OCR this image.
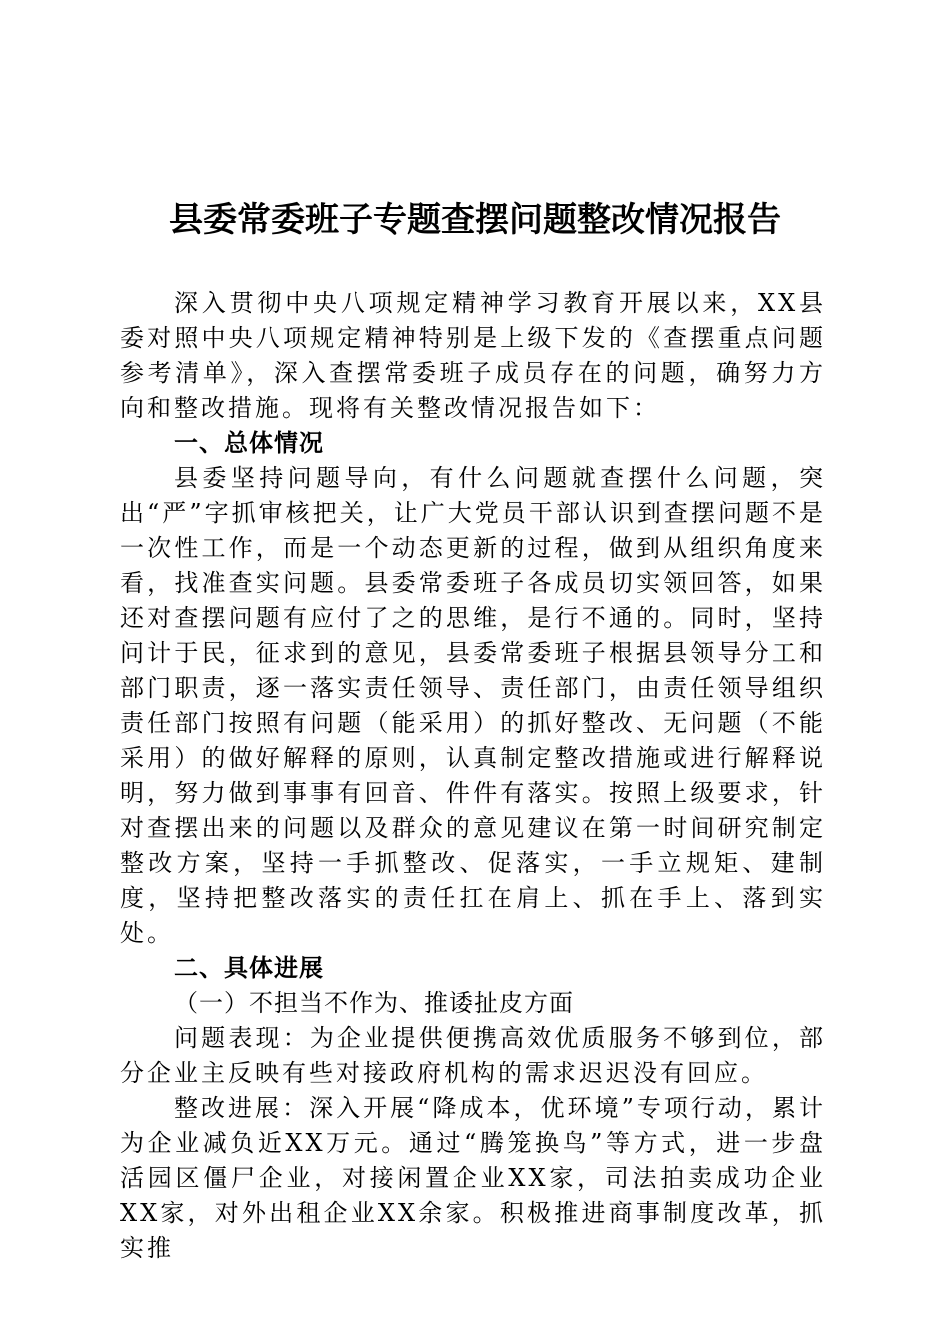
县委常委班子专题查摆问题整改情况报告

深入贯彻中央八项规定精神学习教育开展以来，XX县委对照中央八项规定精神特别是上级下发的《查摆重点问题参考清单》，深入查摆常委班子成员存在的问题，确努力方向和整改措施。现将有关整改情况报告如下：

一、总体情况

县委坚持问题导向，有什么问题就查摆什么问题，突出“严”字抓审核把关，让广大党员干部认识到查摆问题不是一次性工作，而是一个动态更新的过程，做到从组织角度来看，找准查实问题。县委常委班子各成员切实领回答，如果还对查摆问题有应付了之的思维，是行不通的。同时，坚持问计于民，征求到的意见，县委常委班子根据县领导分工和部门职责，逐一落实责任领导、责任部门，由责任领导组织责任部门按照有问题（能采用）的抓好整改、无问题（不能采用）的做好解释的原则，认真制定整改措施或进行解释说明，努力做到事事有回音、件件有落实。按照上级要求，针对查摆出来的问题以及群众的意见建议在第一时间研究制定整改方案，坚持一手抓整改、促落实，一手立规矩、建制度，坚持把整改落实的责任扛在肩上、抓在手上、落到实处。

二、具体进展

（一）不担当不作为、推诿扯皮方面

问题表现：为企业提供便携高效优质服务不够到位，部分企业主反映有些对接政府机构的需求迟迟没有回应。

整改进展：深入开展“降成本，优环境”专项行动，累计为企业减负近XX万元。通过“腾笼换鸟”等方式，进一步盘活园区僵尸企业，对接闲置企业XX家，司法拍卖成功企业XX家，对外出租企业XX余家。积极推进商事制度改革，抓实推
